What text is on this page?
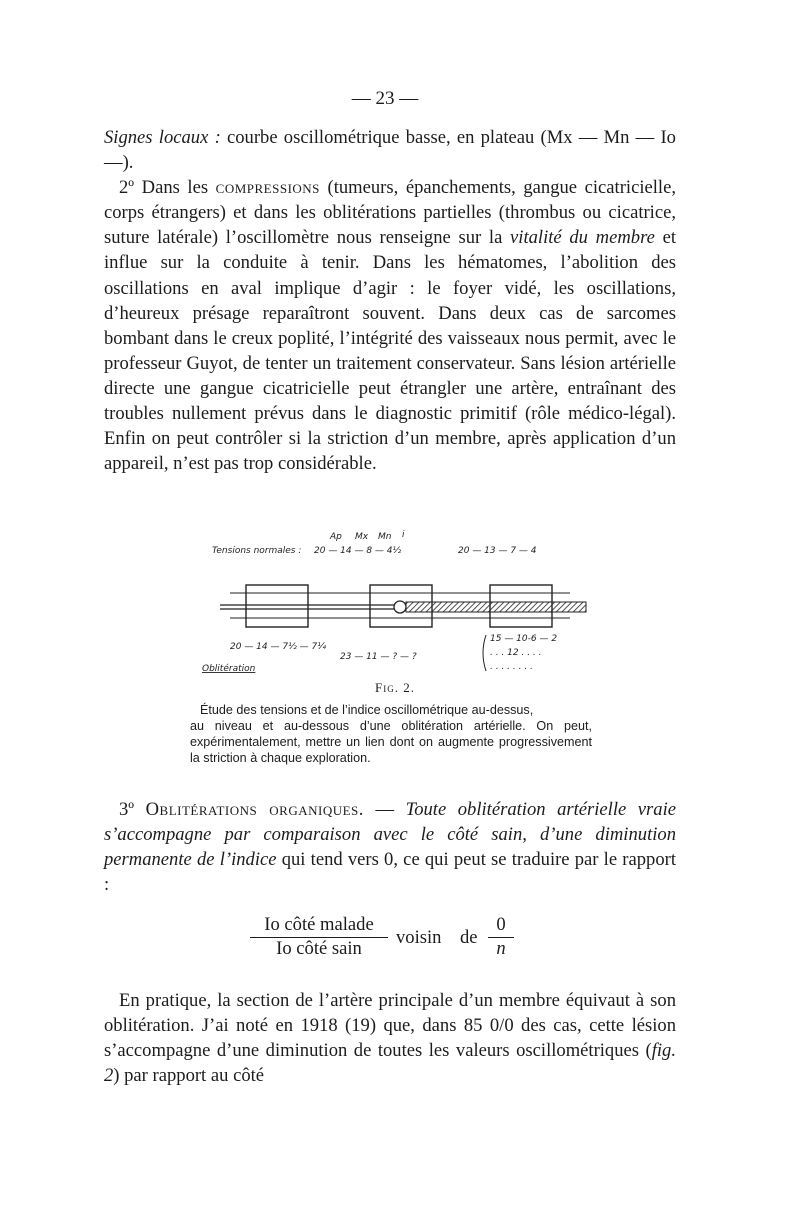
— 23 —

Signes locaux : courbe oscillométrique basse, en plateau (Mx — Mn — Io —).

2º Dans les compressions (tumeurs, épanchements, gangue cicatricielle, corps étrangers) et dans les oblitérations partielles (thrombus ou cicatrice, suture latérale) l’oscillomètre nous renseigne sur la vitalité du membre et influe sur la conduite à tenir. Dans les hématomes, l’abolition des oscillations en aval implique d’agir : le foyer vidé, les oscillations, d’heureux présage reparaîtront souvent. Dans deux cas de sarcomes bombant dans le creux poplité, l’intégrité des vaisseaux nous permit, avec le professeur Guyot, de tenter un traitement conservateur. Sans lésion artérielle directe une gangue cicatricielle peut étrangler une artère, entraînant des troubles nullement prévus dans le diagnostic primitif (rôle médico-légal). Enfin on peut contrôler si la striction d’un membre, après application d’un appareil, n’est pas trop considérable.

Ap Mx Mn i
Tensions normales : 20 — 14 — 8 — 4½	20 — 13 — 7 — 4
20 — 14 — 7½ — 7¼
23 — 11 — ? — ?
15 — 10-6 — 2
. . . 12 . . . .
. . . . . . . .
Oblitération
Fig. 2.
Étude des tensions et de l’indice oscillométrique au-dessus,
au niveau et au-dessous d’une oblitération artérielle. On peut, expérimentalement, mettre un lien dont on augmente progressivement la striction à chaque exploration.

3º Oblitérations organiques. — Toute oblitération artérielle vraie s’accompagne par comparaison avec le côté sain, d’une diminution permanente de l’indice qui tend vers 0, ce qui peut se traduire par le rapport :

Io côté malade
Io côté sain
voisin de $\frac{0}{n}$

En pratique, la section de l’artère principale d’un membre équivaut à son oblitération. J’ai noté en 1918 (19) que, dans 85 0/0 des cas, cette lésion s’accompagne d’une diminution de toutes les valeurs oscillométriques (fig. 2) par rapport au côté
